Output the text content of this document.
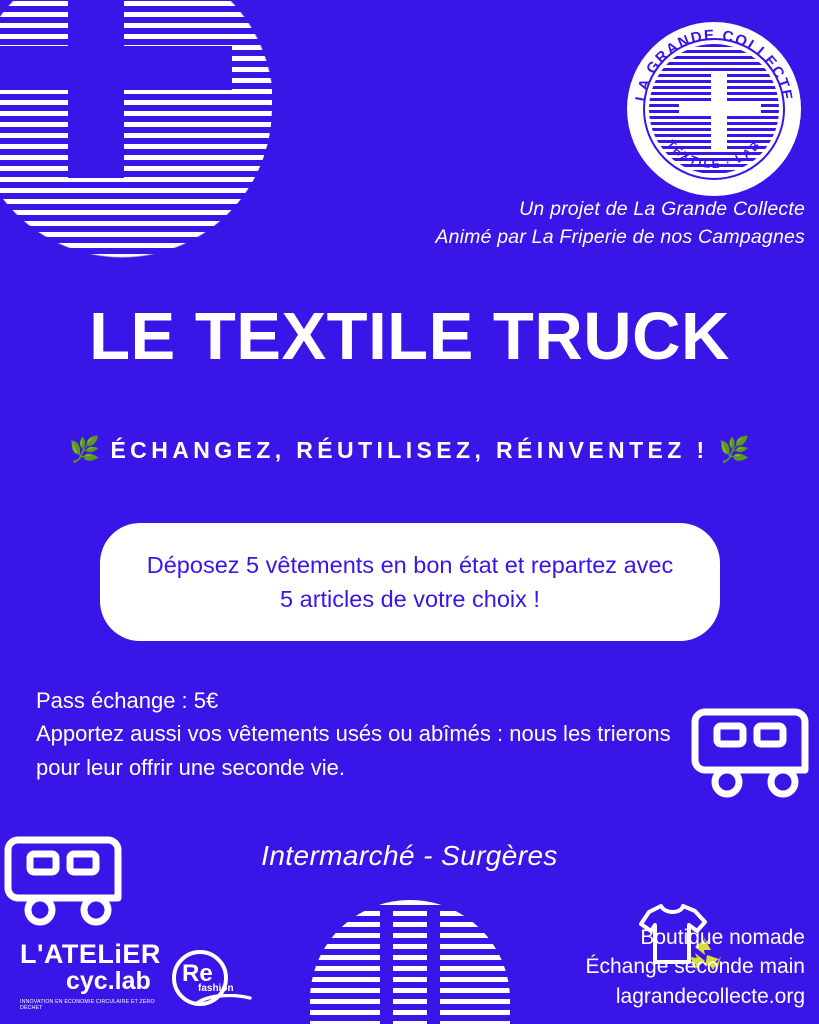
LA GRANDE COLLECTE
TEXTILE · LAB
Un projet de La Grande Collecte
Animé par La Friperie de nos Campagnes
LE TEXTILE TRUCK
🌿 ÉCHANGEZ, RÉUTILISEZ, RÉINVENTEZ ! 🌿
Déposez 5 vêtements en bon état et repartez avec
5 articles de votre choix !
Pass échange : 5€
Apportez aussi vos vêtements usés ou abîmés : nous les trierons
pour leur offrir une seconde vie.
Intermarché - Surgères
Boutique nomade
Échange seconde main
lagrandecollecte.org
L'ATELiER
cyc.lab
INNOVATION EN ÉCONOMIE CIRCULAIRE ET ZÉRO DÉCHET
Re
fashion
